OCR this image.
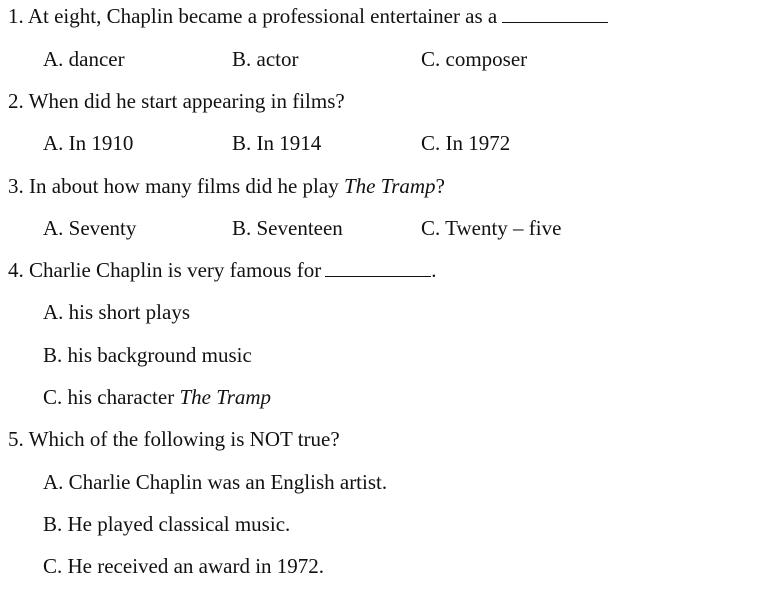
1. At eight, Chaplin became a professional entertainer as a
A. dancer	B. actor	C. composer
2. When did he start appearing in films?
A. In 1910	B. In 1914	C. In 1972
3. In about how many films did he play The Tramp?
A. Seventy	B. Seventeen	C. Twenty – five
4. Charlie Chaplin is very famous for	.
A. his short plays
B. his background music
C. his character The Tramp
5. Which of the following is NOT true?
A. Charlie Chaplin was an English artist.
B. He played classical music.
C. He received an award in 1972.
